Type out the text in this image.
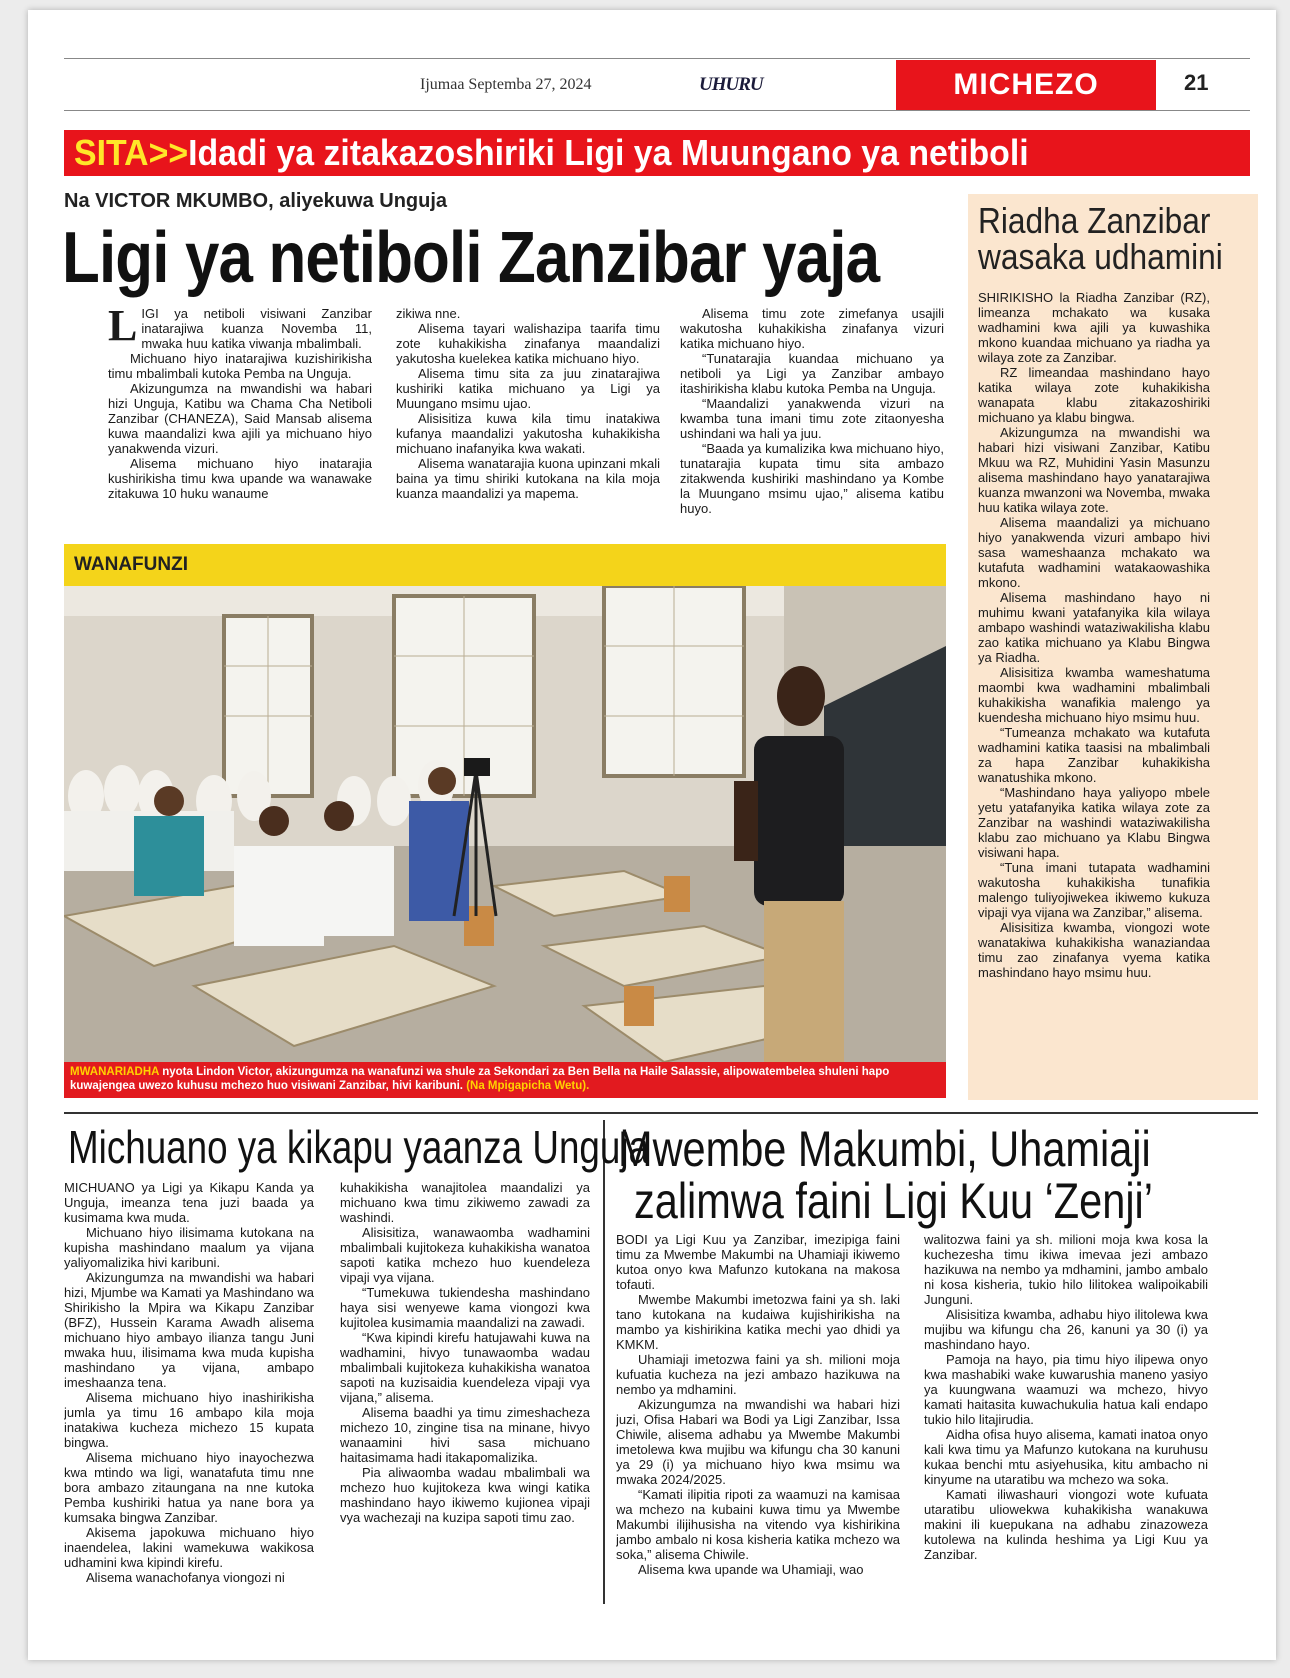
Ijumaa Septemba 27, 2024	UHURU	MICHEZO	21
SITA>>Idadi ya zitakazoshiriki Ligi ya Muungano ya netiboli
Na VICTOR MKUMBO, aliyekuwa Unguja
Ligi ya netiboli Zanzibar yaja
L IGI ya netiboli visiwani Zanzibar inatarajiwa kuanza Novemba 11, mwaka huu katika viwanja mbalimbali.

Michuano hiyo inatarajiwa kuzishirikisha timu mbalimbali kutoka Pemba na Unguja.

Akizungumza na mwandishi wa habari hizi Unguja, Katibu wa Chama Cha Netiboli Zanzibar (CHANEZA), Said Mansab alisema kuwa maandalizi kwa ajili ya michuano hiyo yanakwenda vizuri.

Alisema michuano hiyo inatarajia kushirikisha timu kwa upande wa wanawake zitakuwa 10 huku wanaume

zikiwa nne.

Alisema tayari walishazipa taarifa timu zote kuhakikisha zinafanya maandalizi yakutosha kuelekea katika michuano hiyo.

Alisema timu sita za juu zinatarajiwa kushiriki katika michuano ya Ligi ya Muungano msimu ujao.

Alisisitiza kuwa kila timu inatakiwa kufanya maandalizi yakutosha kuhakikisha michuano inafanyika kwa wakati.

Alisema wanatarajia kuona upinzani mkali baina ya timu shiriki kutokana na kila moja kuanza maandalizi ya mapema.

Alisema timu zote zimefanya usajili wakutosha kuhakikisha zinafanya vizuri katika michuano hiyo.

“Tunatarajia kuandaa michuano ya netiboli ya Ligi ya Zanzibar ambayo itashirikisha klabu kutoka Pemba na Unguja.

“Maandalizi yanakwenda vizuri na kwamba tuna imani timu zote zitaonyesha ushindani wa hali ya juu.

“Baada ya kumalizika kwa michuano hiyo, tunatarajia kupata timu sita ambazo zitakwenda kushiriki mashindano ya Kombe la Muungano msimu ujao,” alisema katibu huyo.

WANAFUNZI
MWANARIADHA nyota Lindon Victor, akizungumza na wanafunzi wa shule za Sekondari za Ben Bella na Haile Salassie, alipowatembelea shuleni hapo kuwajengea uwezo kuhusu mchezo huo visiwani Zanzibar, hivi karibuni. (Na Mpigapicha Wetu).
Riadha Zanzibar
wasaka udhamini

SHIRIKISHO la Riadha Zanzibar (RZ), limeanza mchakato wa kusaka wadhamini kwa ajili ya kuwashika mkono kuandaa michuano ya riadha ya wilaya zote za Zanzibar.

RZ limeandaa mashindano hayo katika wilaya zote kuhakikisha wanapata klabu zitakazoshiriki michuano ya klabu bingwa.

Akizungumza na mwandishi wa habari hizi visiwani Zanzibar, Katibu Mkuu wa RZ, Muhidini Yasin Masunzu alisema mashindano hayo yanatarajiwa kuanza mwanzoni wa Novemba, mwaka huu katika wilaya zote.

Alisema maandalizi ya michuano hiyo yanakwenda vizuri ambapo hivi sasa wameshaanza mchakato wa kutafuta wadhamini watakaowashika mkono.

Alisema mashindano hayo ni muhimu kwani yatafanyika kila wilaya ambapo washindi wataziwakilisha klabu zao katika michuano ya Klabu Bingwa ya Riadha.

Alisisitiza kwamba wameshatuma maombi kwa wadhamini mbalimbali kuhakikisha wanafikia malengo ya kuendesha michuano hiyo msimu huu.

“Tumeanza mchakato wa kutafuta wadhamini katika taasisi na mbalimbali za hapa Zanzibar kuhakikisha wanatushika mkono.

“Mashindano haya yaliyopo mbele yetu yatafanyika katika wilaya zote za Zanzibar na washindi wataziwakilisha klabu zao michuano ya Klabu Bingwa visiwani hapa.

“Tuna imani tutapata wadhamini wakutosha kuhakikisha tunafikia malengo tuliyojiwekea ikiwemo kukuza vipaji vya vijana wa Zanzibar,” alisema.

Alisisitiza kwamba, viongozi wote wanatakiwa kuhakikisha wanaziandaa timu zao zinafanya vyema katika mashindano hayo msimu huu.

Michuano ya kikapu yaanza Unguja

MICHUANO ya Ligi ya Kikapu Kanda ya Unguja, imeanza tena juzi baada ya kusimama kwa muda.

Michuano hiyo ilisimama kutokana na kupisha mashindano maalum ya vijana yaliyomalizika hivi karibuni.

Akizungumza na mwandishi wa habari hizi, Mjumbe wa Kamati ya Mashindano wa Shirikisho la Mpira wa Kikapu Zanzibar (BFZ), Hussein Karama Awadh alisema michuano hiyo ambayo ilianza tangu Juni mwaka huu, ilisimama kwa muda kupisha mashindano ya vijana, ambapo imeshaanza tena.

Alisema michuano hiyo inashirikisha jumla ya timu 16 ambapo kila moja inatakiwa kucheza michezo 15 kupata bingwa.

Alisema michuano hiyo inayochezwa kwa mtindo wa ligi, wanatafuta timu nne bora ambazo zitaungana na nne kutoka Pemba kushiriki hatua ya nane bora ya kumsaka bingwa Zanzibar.

Akisema japokuwa michuano hiyo inaendelea, lakini wamekuwa wakikosa udhamini kwa kipindi kirefu.

Alisema wanachofanya viongozi ni

kuhakikisha wanajitolea maandalizi ya michuano kwa timu zikiwemo zawadi za washindi.

Alisisitiza, wanawaomba wadhamini mbalimbali kujitokeza kuhakikisha wanatoa sapoti katika mchezo huo kuendeleza vipaji vya vijana.

“Tumekuwa tukiendesha mashindano haya sisi wenyewe kama viongozi kwa kujitolea kusimamia maandalizi na zawadi.

“Kwa kipindi kirefu hatujawahi kuwa na wadhamini, hivyo tunawaomba wadau mbalimbali kujitokeza kuhakikisha wanatoa sapoti na kuzisaidia kuendeleza vipaji vya vijana,” alisema.

Alisema baadhi ya timu zimeshacheza michezo 10, zingine tisa na minane, hivyo wanaamini hivi sasa michuano haitasimama hadi itakapomalizika.

Pia aliwaomba wadau mbalimbali wa mchezo huo kujitokeza kwa wingi katika mashindano hayo ikiwemo kujionea vipaji vya wachezaji na kuzipa sapoti timu zao.

Mwembe Makumbi, Uhamiaji
zalimwa faini Ligi Kuu ‘Zenji’

BODI ya Ligi Kuu ya Zanzibar, imezipiga faini timu za Mwembe Makumbi na Uhamiaji ikiwemo kutoa onyo kwa Mafunzo kutokana na makosa tofauti.

Mwembe Makumbi imetozwa faini ya sh. laki tano kutokana na kudaiwa kujishirikisha na mambo ya kishirikina katika mechi yao dhidi ya KMKM.

Uhamiaji imetozwa faini ya sh. milioni moja kufuatia kucheza na jezi ambazo hazikuwa na nembo ya mdhamini.

Akizungumza na mwandishi wa habari hizi juzi, Ofisa Habari wa Bodi ya Ligi Zanzibar, Issa Chiwile, alisema adhabu ya Mwembe Makumbi imetolewa kwa mujibu wa kifungu cha 30 kanuni ya 29 (i) ya michuano hiyo kwa msimu wa mwaka 2024/2025.

“Kamati ilipitia ripoti za waamuzi na kamisaa wa mchezo na kubaini kuwa timu ya Mwembe Makumbi ilijihusisha na vitendo vya kishirikina jambo ambalo ni kosa kisheria katika mchezo wa soka,” alisema Chiwile.

Alisema kwa upande wa Uhamiaji, wao

walitozwa faini ya sh. milioni moja kwa kosa la kuchezesha timu ikiwa imevaa jezi ambazo hazikuwa na nembo ya mdhamini, jambo ambalo ni kosa kisheria, tukio hilo lilitokea walipoikabili Junguni.

Alisisitiza kwamba, adhabu hiyo ilitolewa kwa mujibu wa kifungu cha 26, kanuni ya 30 (i) ya mashindano hayo.

Pamoja na hayo, pia timu hiyo ilipewa onyo kwa mashabiki wake kuwarushia maneno yasiyo ya kuungwana waamuzi wa mchezo, hivyo kamati haitasita kuwachukulia hatua kali endapo tukio hilo litajirudia.

Aidha ofisa huyo alisema, kamati inatoa onyo kali kwa timu ya Mafunzo kutokana na kuruhusu kukaa benchi mtu asiyehusika, kitu ambacho ni kinyume na utaratibu wa mchezo wa soka.

Kamati iliwashauri viongozi wote kufuata utaratibu uliowekwa kuhakikisha wanakuwa makini ili kuepukana na adhabu zinazoweza kutolewa na kulinda heshima ya Ligi Kuu ya Zanzibar.
